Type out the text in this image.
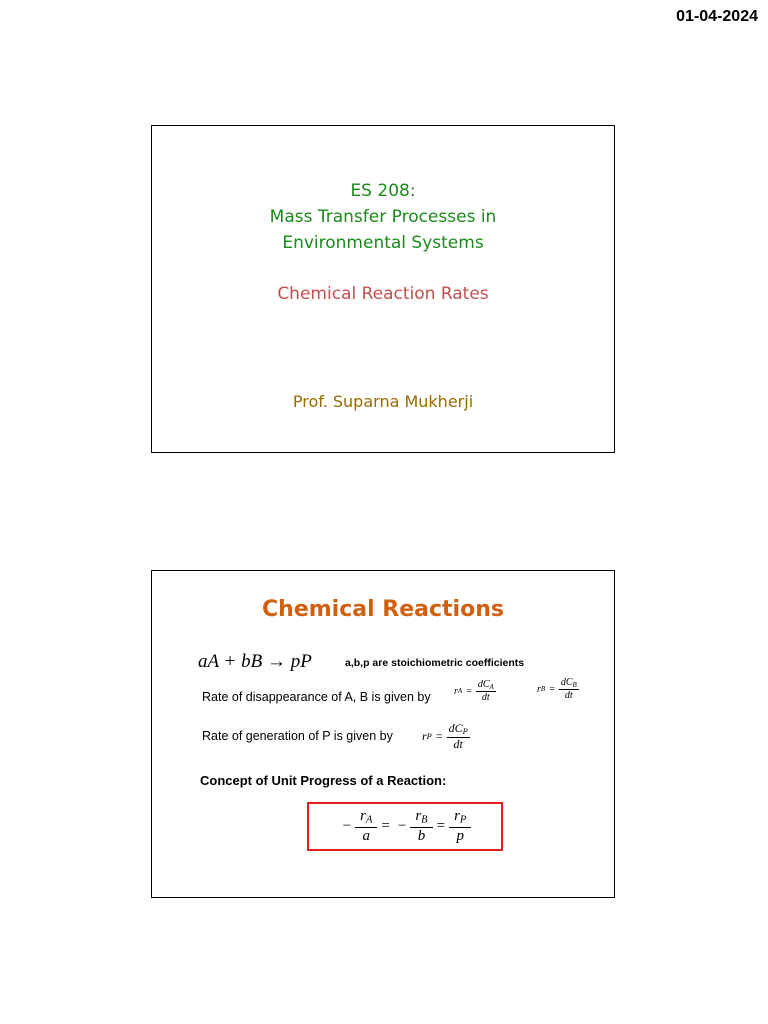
01-04-2024
ES 208:
Mass Transfer Processes in
Environmental Systems
Chemical Reaction Rates
Prof. Suparna Mukherji
Chemical Reactions
aA + bB → pP	a,b,p are stoichiometric coefficients
Rate of disappearance of A, B is given by r $A = \frac{dC_A}{dt}$	r $B = \frac{dC_B}{dt}$
Rate of generation of P is given by r $P = \frac{dC_P}{dt}$
Concept of Unit Progress of a Reaction:
− $\frac{r_A}{a}$ = − $\frac{r_B}{b} = \frac{r_P}{p}$
